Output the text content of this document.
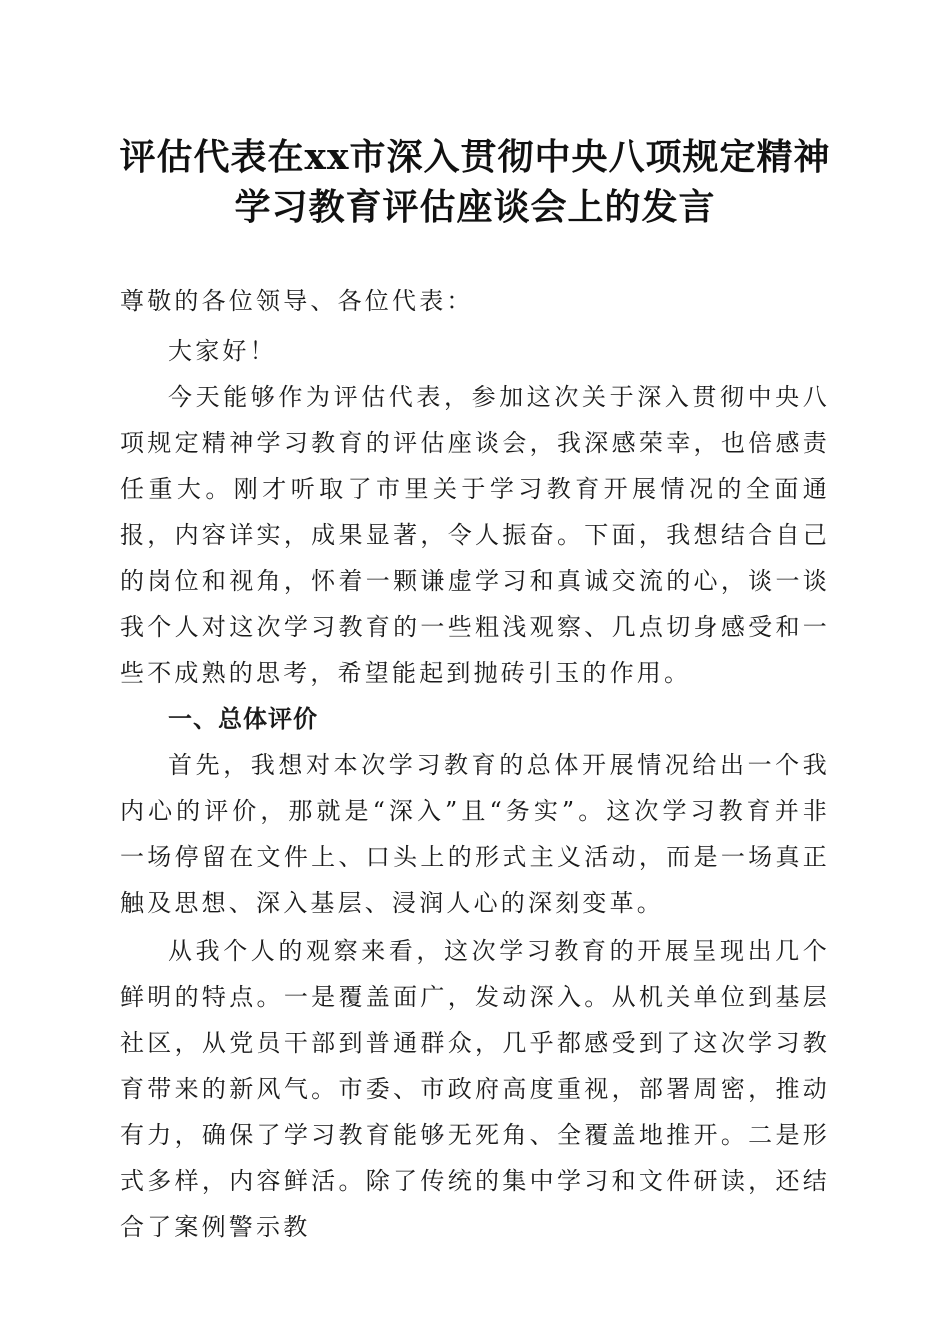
评估代表在xx市深入贯彻中央八项规定精神
学习教育评估座谈会上的发言

尊敬的各位领导、各位代表：

大家好！

今天能够作为评估代表，参加这次关于深入贯彻中央八项规定精神学习教育的评估座谈会，我深感荣幸，也倍感责任重大。刚才听取了市里关于学习教育开展情况的全面通报，内容详实，成果显著，令人振奋。下面，我想结合自己的岗位和视角，怀着一颗谦虚学习和真诚交流的心，谈一谈我个人对这次学习教育的一些粗浅观察、几点切身感受和一些不成熟的思考，希望能起到抛砖引玉的作用。

一、总体评价

首先，我想对本次学习教育的总体开展情况给出一个我内心的评价，那就是“深入”且“务实”。这次学习教育并非一场停留在文件上、口头上的形式主义活动，而是一场真正触及思想、深入基层、浸润人心的深刻变革。

从我个人的观察来看，这次学习教育的开展呈现出几个鲜明的特点。一是覆盖面广，发动深入。从机关单位到基层社区，从党员干部到普通群众，几乎都感受到了这次学习教育带来的新风气。市委、市政府高度重视，部署周密，推动有力，确保了学习教育能够无死角、全覆盖地推开。二是形式多样，内容鲜活。除了传统的集中学习和文件研读，还结合了案例警示教
